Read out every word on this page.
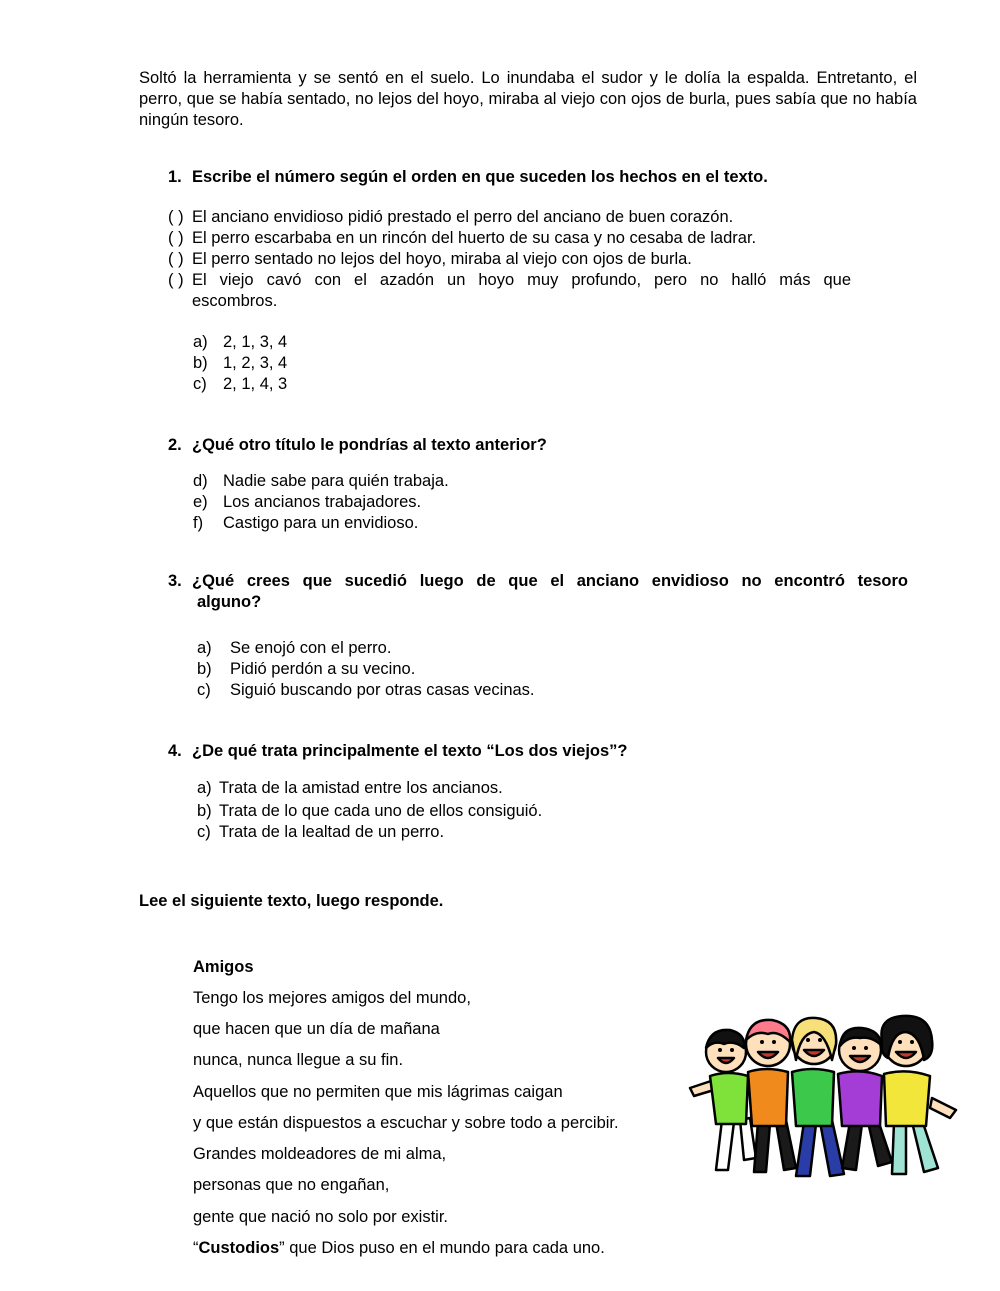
Soltó la herramienta y se sentó en el suelo. Lo inundaba el sudor y le dolía la espalda. Entretanto, el perro, que se había sentado, no lejos del hoyo, miraba al viejo con ojos de burla, pues sabía que no había ningún tesoro.
1. Escribe el número según el orden en que suceden los hechos en el texto.
( ) El anciano envidioso pidió prestado el perro del anciano de buen corazón.
( ) El perro escarbaba en un rincón del huerto de su casa y no cesaba de ladrar.
( ) El perro sentado no lejos del hoyo, miraba al viejo con ojos de burla.
( ) El viejo cavó con el azadón un hoyo muy profundo, pero no halló más que
escombros.
a) 2, 1, 3, 4
b) 1, 2, 3, 4
c) 2, 1, 4, 3
2. ¿Qué otro título le pondrías al texto anterior?
d) Nadie sabe para quién trabaja.
e) Los ancianos trabajadores.
f) Castigo para un envidioso.
3. ¿Qué crees que sucedió luego de que el anciano envidioso no encontró tesoro
alguno?
a) Se enojó con el perro.
b) Pidió perdón a su vecino.
c) Siguió buscando por otras casas vecinas.
4. ¿De qué trata principalmente el texto “Los dos viejos”?
a) Trata de la amistad entre los ancianos.
b) Trata de lo que cada uno de ellos consiguió.
c) Trata de la lealtad de un perro.
Lee el siguiente texto, luego responde.
Amigos
Tengo los mejores amigos del mundo,
que hacen que un día de mañana
nunca, nunca llegue a su fin.
Aquellos que no permiten que mis lágrimas caigan
y que están dispuestos a escuchar y sobre todo a percibir.
Grandes moldeadores de mi alma,
personas que no engañan,
gente que nació no solo por existir.
“Custodios” que Dios puso en el mundo para cada uno.
